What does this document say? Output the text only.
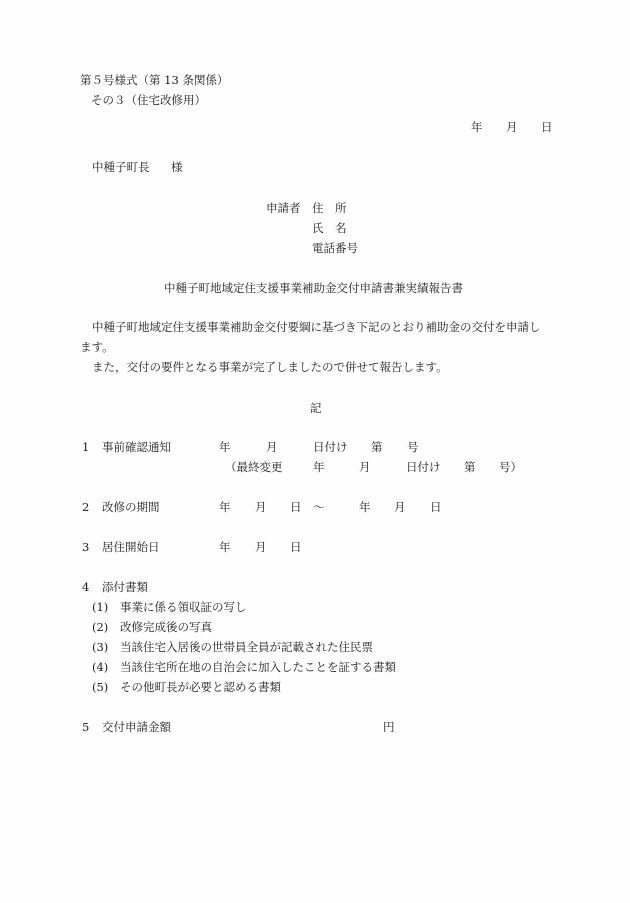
第５号様式（第 13 条関係）
その３（住宅改修用）
年 月 日
中種子町長 様
申請者 住　所
氏　名
電話番号
中種子町地域定住支援事業補助金交付申請書兼実績報告書
中種子町地域定住支援事業補助金交付要綱に基づき下記のとおり補助金の交付を申請し
ます。
また，交付の要件となる事業が完了しましたので併せて報告します。
記
1 事前確認通知	年	月	日付け 第 号
（最終変更	年	月	日付け 第 号）
2 改修の期間	年 月 日 ～	年 月 日
3 居住開始日	年 月 日
4 添付書類
(1) 事業に係る領収証の写し
(2) 改修完成後の写真
(3) 当該住宅入居後の世帯員全員が記載された住民票
(4) 当該住宅所在地の自治会に加入したことを証する書類
(5) その他町長が必要と認める書類
5 交付申請金額	円
